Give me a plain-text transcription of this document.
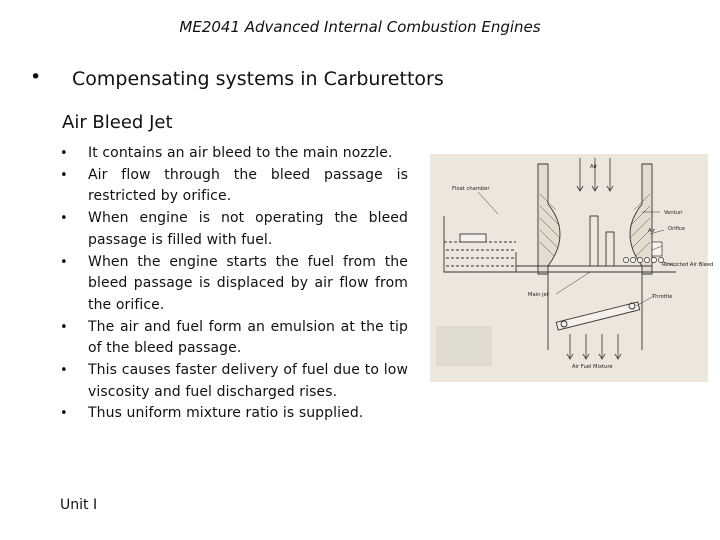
ME2041 Advanced Internal Combustion Engines
• Compensating systems in Carburettors
Air Bleed Jet
• It contains an air bleed to the main nozzle.
• Air flow through the bleed passage is restricted by orifice.
• When engine is not operating the bleed passage is filled with fuel.
• When the engine starts the fuel from the bleed passage is displaced by air flow from the orifice.
• The air and fuel form an emulsion at the tip of the bleed passage.
• This causes faster delivery of fuel due to low viscosity and fuel discharged rises.
• Thus uniform mixture ratio is supplied.
Air
Float chamber
Venturi
Orifice
Air
Restricted Air Bleed
Main jet	Throttle
Air Fuel Mixture
Unit I
